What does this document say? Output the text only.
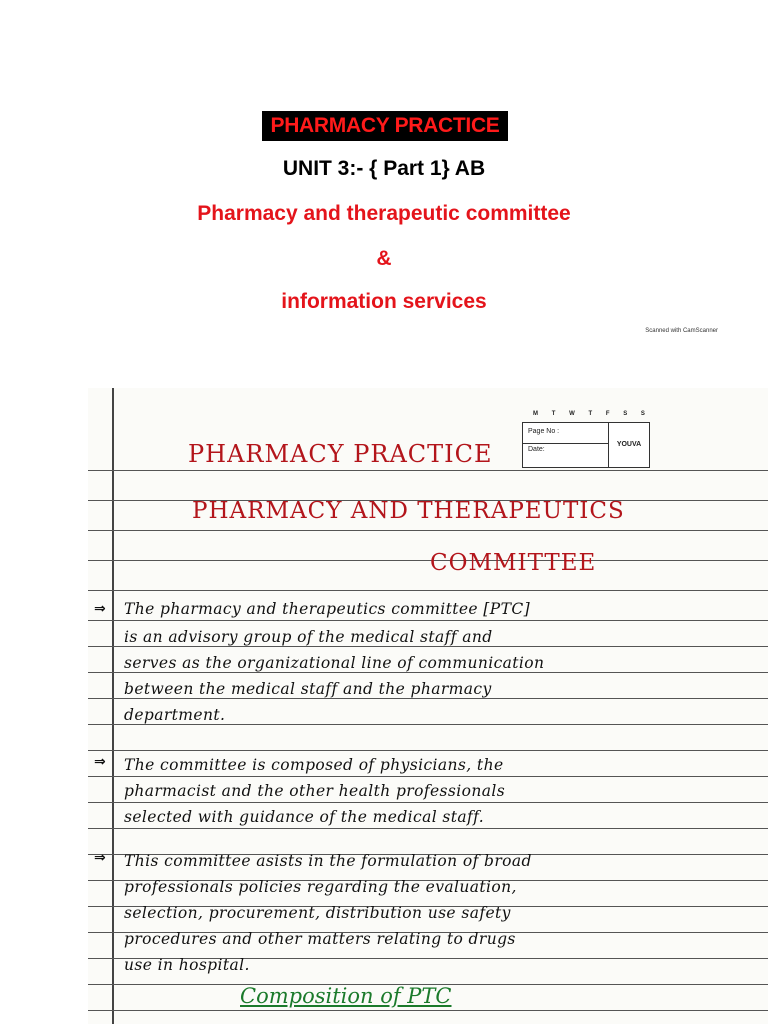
PHARMACY PRACTICE
UNIT 3:- { Part 1} AB
Pharmacy and therapeutic committee
&
information services
Scanned with CamScanner
M T W T F S S
Page No :
Date:
YOUVA
PHARMACY PRACTICE
PHARMACY AND THERAPEUTICS
COMMITTEE
⇒ The pharmacy and therapeutics committee [PTC]
is an advisory group of the medical staff and
serves as the organizational line of communication
between the medical staff and the pharmacy
department.
⇒ The committee is composed of physicians, the
pharmacist and the other health professionals
selected with guidance of the medical staff.
⇒ This committee asists in the formulation of broad
professionals policies regarding the evaluation,
selection, procurement, distribution use safety
procedures and other matters relating to drugs
use in hospital.
Composition of PTC
